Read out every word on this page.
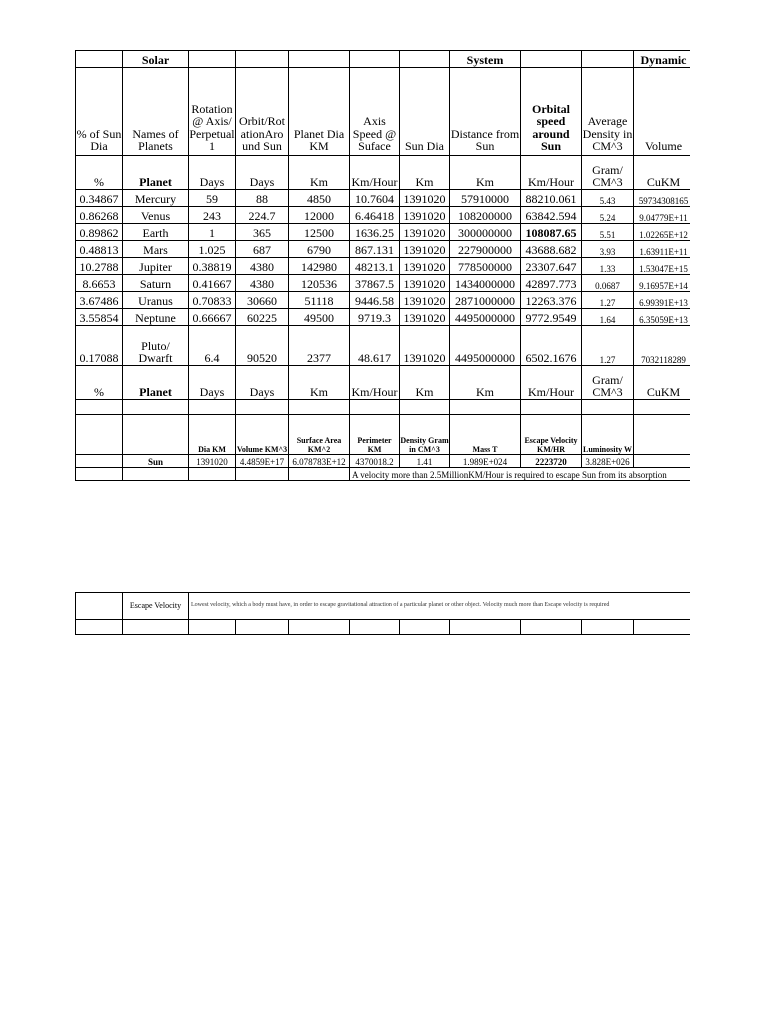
	Solar						System			Dynamic
% of Sun Dia	Names of Planets	Rotation @ Axis/ Perpetual 1	Orbit/Rot ationAro und Sun	Planet Dia KM	Axis Speed @ Suface	Sun Dia	Distance from Sun	Orbital speed around Sun	Average Density in CM^3	Volume
%	Planet	Days	Days	Km	Km/Hour	Km	Km	Km/Hour	Gram/ CM^3	CuKM
0.34867	Mercury	59	88	4850	10.7604	1391020	57910000	88210.061	5.43	59734308165
0.86268	Venus	243	224.7	12000	6.46418	1391020	108200000	63842.594	5.24	9.04779E+11
0.89862	Earth	1	365	12500	1636.25	1391020	300000000	108087.65	5.51	1.02265E+12
0.48813	Mars	1.025	687	6790	867.131	1391020	227900000	43688.682	3.93	1.63911E+11
10.2788	Jupiter	0.38819	4380	142980	48213.1	1391020	778500000	23307.647	1.33	1.53047E+15
8.6653	Saturn	0.41667	4380	120536	37867.5	1391020	1434000000	42897.773	0.0687	9.16957E+14
3.67486	Uranus	0.70833	30660	51118	9446.58	1391020	2871000000	12263.376	1.27	6.99391E+13
3.55854	Neptune	0.66667	60225	49500	9719.3	1391020	4495000000	9772.9549	1.64	6.35059E+13
0.17088	Pluto/ Dwarft	6.4	90520	2377	48.617	1391020	4495000000	6502.1676	1.27	7032118289
%	Planet	Days	Days	Km	Km/Hour	Km	Km	Km/Hour	Gram/ CM^3	CuKM

		Dia KM	Volume KM^3	Surface Area KM^2	Perimeter KM	Density Gram in CM^3	Mass T	Escape Velocity KM/HR	Luminosity W	
	Sun	1391020	4.4859E+17	6.078783E+12	4370018.2	1.41	1.989E+024	2223720	3.828E+026	

					A velocity more than 2.5MillionKM/Hour is required to escape Sun from its absorption					
	Escape Velocity	Lowest velocity, which a body must have, in order to escape gravitational attraction of a particular planet or other object. Velocity much more than Escape velocity is required								
